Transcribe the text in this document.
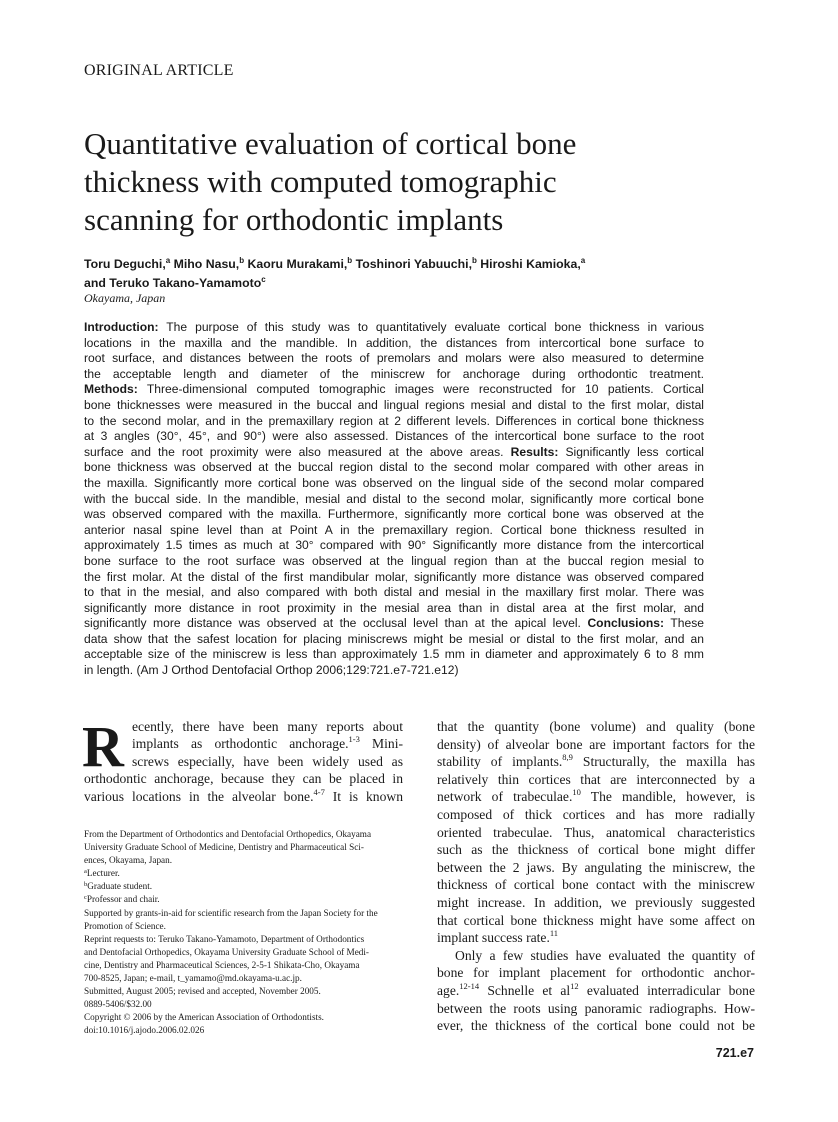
ORIGINAL ARTICLE
Quantitative evaluation of cortical bone
thickness with computed tomographic
scanning for orthodontic implants
Toru Deguchi,$^a$ Miho Nasu,$^b$ Kaoru Murakami,$^b$ Toshinori Yabuuchi,$^b$ Hiroshi Kamioka,$^a$
and Teruko Takano-Yamamoto$^c$
Okayama, Japan
Introduction: The purpose of this study was to quantitatively evaluate cortical bone thickness in various
locations in the maxilla and the mandible. In addition, the distances from intercortical bone surface to
root surface, and distances between the roots of premolars and molars were also measured to determine
the acceptable length and diameter of the miniscrew for anchorage during orthodontic treatment.
Methods: Three-dimensional computed tomographic images were reconstructed for 10 patients. Cortical
bone thicknesses were measured in the buccal and lingual regions mesial and distal to the first molar, distal
to the second molar, and in the premaxillary region at 2 different levels. Differences in cortical bone thickness
at 3 angles (30°, 45°, and 90°) were also assessed. Distances of the intercortical bone surface to the root
surface and the root proximity were also measured at the above areas. Results: Significantly less cortical
bone thickness was observed at the buccal region distal to the second molar compared with other areas in
the maxilla. Significantly more cortical bone was observed on the lingual side of the second molar compared
with the buccal side. In the mandible, mesial and distal to the second molar, significantly more cortical bone
was observed compared with the maxilla. Furthermore, significantly more cortical bone was observed at the
anterior nasal spine level than at Point A in the premaxillary region. Cortical bone thickness resulted in
approximately 1.5 times as much at 30° compared with 90° Significantly more distance from the intercortical
bone surface to the root surface was observed at the lingual region than at the buccal region mesial to
the first molar. At the distal of the first mandibular molar, significantly more distance was observed compared
to that in the mesial, and also compared with both distal and mesial in the maxillary first molar. There was
significantly more distance in root proximity in the mesial area than in distal area at the first molar, and
significantly more distance was observed at the occlusal level than at the apical level. Conclusions: These
data show that the safest location for placing miniscrews might be mesial or distal to the first molar, and an
acceptable size of the miniscrew is less than approximately 1.5 mm in diameter and approximately 6 to 8 mm
in length. (Am J Orthod Dentofacial Orthop 2006;129:721.e7-721.e12)
R ecently, there have been many reports about
implants as orthodontic anchorage.$^{1-3}$ Mini-
screws especially, have been widely used as
orthodontic anchorage, because they can be placed in
various locations in the alveolar bone.$^{4-7}$ It is known
From the Department of Orthodontics and Dentofacial Orthopedics, Okayama
University Graduate School of Medicine, Dentistry and Pharmaceutical Sci-
ences, Okayama, Japan.
$^a$Lecturer.
$^b$Graduate student.
$^c$Professor and chair.
Supported by grants-in-aid for scientific research from the Japan Society for the
Promotion of Science.
Reprint requests to: Teruko Takano-Yamamoto, Department of Orthodontics
and Dentofacial Orthopedics, Okayama University Graduate School of Medi-
cine, Dentistry and Pharmaceutical Sciences, 2-5-1 Shikata-Cho, Okayama
700-8525, Japan; e-mail, t_yamamo@md.okayama-u.ac.jp.
Submitted, August 2005; revised and accepted, November 2005.
0889-5406/$32.00
Copyright © 2006 by the American Association of Orthodontists.
doi:10.1016/j.ajodo.2006.02.026
that the quantity (bone volume) and quality (bone
density) of alveolar bone are important factors for the
stability of implants.$^{8,9}$ Structurally, the maxilla has
relatively thin cortices that are interconnected by a
network of trabeculae.$^{10}$ The mandible, however, is
composed of thick cortices and has more radially
oriented trabeculae. Thus, anatomical characteristics
such as the thickness of cortical bone might differ
between the 2 jaws. By angulating the miniscrew, the
thickness of cortical bone contact with the miniscrew
might increase. In addition, we previously suggested
that cortical bone thickness might have some affect on
implant success rate.$^{11}$
Only a few studies have evaluated the quantity of
bone for implant placement for orthodontic anchor-
age.$^{12-14}$ Schnelle et al$^{12}$ evaluated interradicular bone
between the roots using panoramic radiographs. How-
ever, the thickness of the cortical bone could not be
721.e7
